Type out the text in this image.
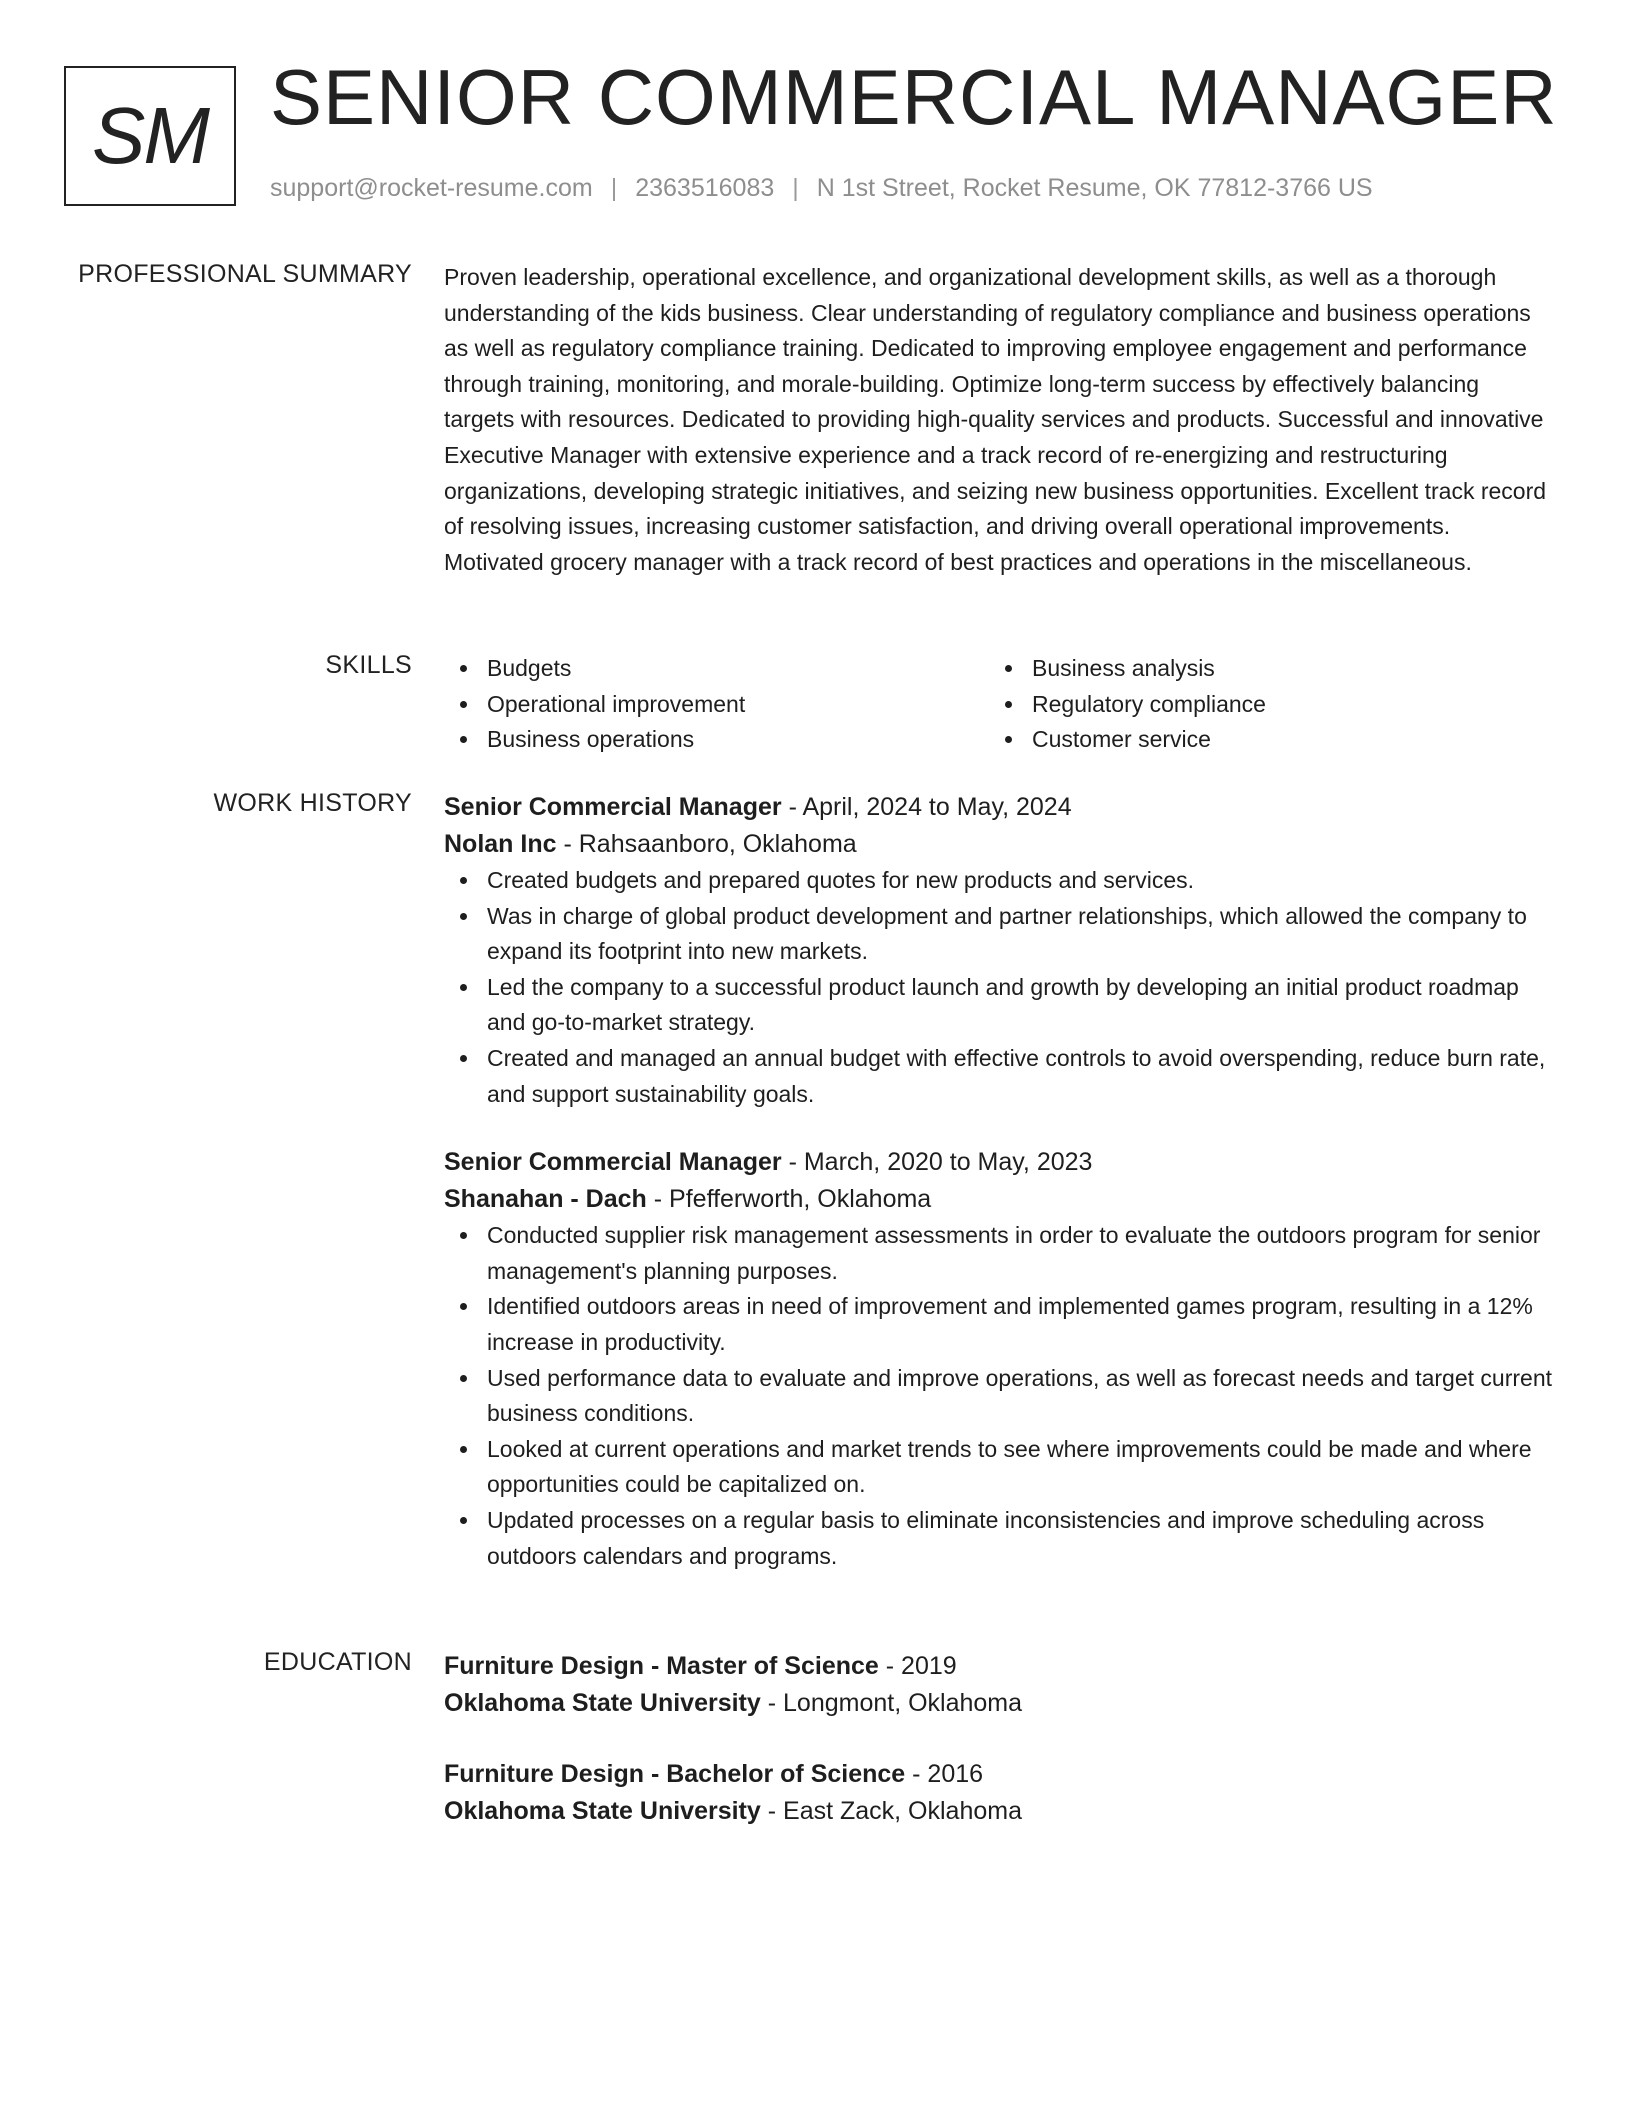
SM SENIOR COMMERCIAL MANAGER
support@rocket-resume.com | 2363516083 | N 1st Street, Rocket Resume, OK 77812-3766 US
PROFESSIONAL SUMMARY Proven leadership, operational excellence, and organizational development skills, as well as a thorough understanding of the kids business. Clear understanding of regulatory compliance and business operations as well as regulatory compliance training. Dedicated to improving employee engagement and performance through training, monitoring, and morale-building. Optimize long-term success by effectively balancing targets with resources. Dedicated to providing high-quality services and products. Successful and innovative Executive Manager with extensive experience and a track record of re-energizing and restructuring organizations, developing strategic initiatives, and seizing new business opportunities. Excellent track record of resolving issues, increasing customer satisfaction, and driving overall operational improvements. Motivated grocery manager with a track record of best practices and operations in the miscellaneous.

SKILLS	Budgets
Operational improvement
Business operations
Business analysis
Regulatory compliance
Customer service
WORK HISTORY Senior Commercial Manager - April, 2024 to May, 2024
Nolan Inc - Rahsaanboro, Oklahoma
Created budgets and prepared quotes for new products and services.
Was in charge of global product development and partner relationships, which allowed the company to expand its footprint into new markets.
Led the company to a successful product launch and growth by developing an initial product roadmap and go-to-market strategy.
Created and managed an annual budget with effective controls to avoid overspending, reduce burn rate, and support sustainability goals.
Senior Commercial Manager - March, 2020 to May, 2023
Shanahan - Dach - Pfefferworth, Oklahoma
Conducted supplier risk management assessments in order to evaluate the outdoors program for senior management's planning purposes.
Identified outdoors areas in need of improvement and implemented games program, resulting in a 12% increase in productivity.
Used performance data to evaluate and improve operations, as well as forecast needs and target current business conditions.
Looked at current operations and market trends to see where improvements could be made and where opportunities could be capitalized on.
Updated processes on a regular basis to eliminate inconsistencies and improve scheduling across outdoors calendars and programs.
EDUCATION Furniture Design - Master of Science - 2019
Oklahoma State University - Longmont, Oklahoma
Furniture Design - Bachelor of Science - 2016
Oklahoma State University - East Zack, Oklahoma
